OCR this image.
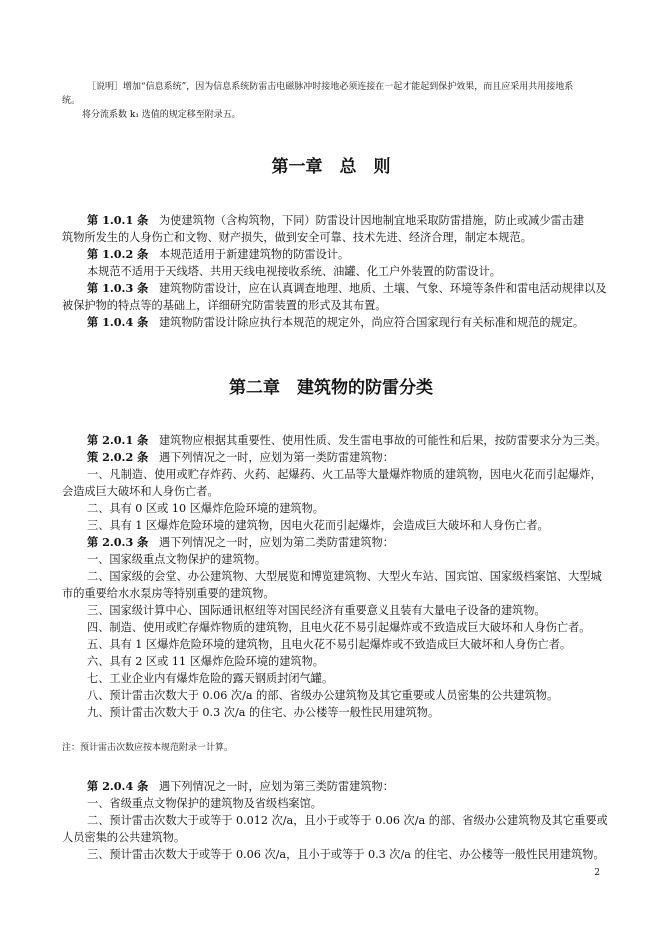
［说明］增加“信息系统”，因为信息系统防雷击电磁脉冲时接地必须连接在一起才能起到保护效果，而且应采用共用接地系
统。
将分流系数 k₁ 选值的规定移至附录五。
第一章　总　则
第 1.0.1 条 为使建筑物（含构筑物，下同）防雷设计因地制宜地采取防雷措施，防止或减少雷击建
筑物所发生的人身伤亡和文物、财产损失，做到安全可靠、技术先进、经济合理，制定本规范。
第 1.0.2 条 本规范适用于新建建筑物的防雷设计。
本规范不适用于天线塔、共用天线电视接收系统、油罐、化工户外装置的防雷设计。
第 1.0.3 条 建筑物防雷设计，应在认真调查地理、地质、土壤、气象、环境等条件和雷电活动规律以及
被保护物的特点等的基础上，详细研究防雷装置的形式及其布置。
第 1.0.4 条 建筑物防雷设计除应执行本规范的规定外，尚应符合国家现行有关标准和规范的规定。
第二章　建筑物的防雷分类
第 2.0.1 条 建筑物应根据其重要性、使用性质、发生雷电事故的可能性和后果，按防雷要求分为三类。
策 2.0.2 条 遇下列情况之一时，应划为第一类防雷建筑物：
一、凡制造、使用或贮存炸药、火药、起爆药、火工品等大量爆炸物质的建筑物，因电火花而引起爆炸，
会造成巨大破坏和人身伤亡者。
二、具有 0 区或 10 区爆炸危险环境的建筑物。
三、具有 1 区爆炸危险环境的建筑物，因电火花而引起爆炸，会造成巨大破坏和人身伤亡者。
第 2.0.3 条 遇下列情况之一时，应划为第二类防雷建筑物：
一、国家级重点文物保护的建筑物。
二、国家级的会堂、办公建筑物、大型展览和博览建筑物、大型火车站、国宾馆、国家级档案馆、大型城
市的重要给水水泵房等特别重要的建筑物。
三、国家级计算中心、国际通讯枢纽等对国民经济有重要意义且装有大量电子设备的建筑物。
四、制造、使用或贮存爆炸物质的建筑物，且电火花不易引起爆炸或不致造成巨大破坏和人身伤亡者。
五、具有 1 区爆炸危险环境的建筑物，且电火花不易引起爆炸或不致造成巨大破坏和人身伤亡者。
六、具有 2 区或 11 区爆炸危险环境的建筑物。
七、工业企业内有爆炸危险的露天钢质封闭气罐。
八、预计雷击次数大于 0.06 次/a 的部、省级办公建筑物及其它重要或人员密集的公共建筑物。
九、预计雷击次数大于 0.3 次/a 的住宅、办公楼等一般性民用建筑物。
注：预计雷击次数应按本规范附录一计算。
第 2.0.4 条 遇下列情况之一时，应划为第三类防雷建筑物：
一、省级重点文物保护的建筑物及省级档案馆。
二、预计雷击次数大于或等于 0.012 次/a，且小于或等于 0.06 次/a 的部、省级办公建筑物及其它重要或
人员密集的公共建筑物。
三、预计雷击次数大于或等于 0.06 次/a，且小于或等于 0.3 次/a 的住宅、办公楼等一般性民用建筑物。
2
